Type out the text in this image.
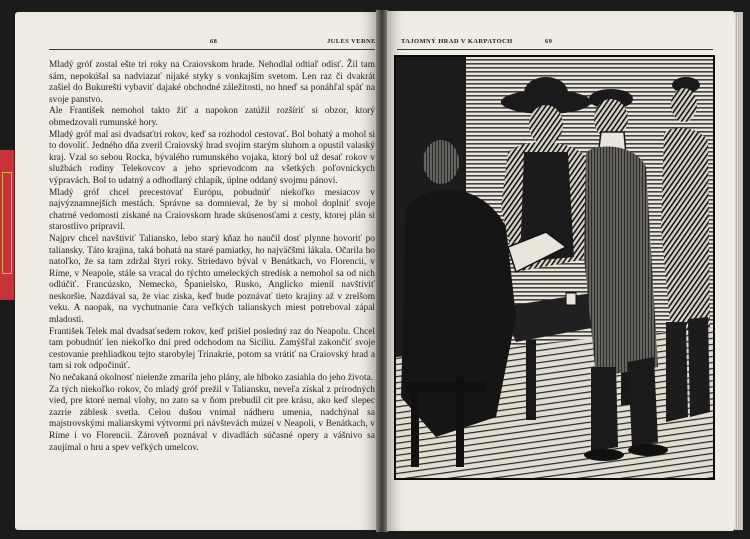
68	JULES VERNE

Mladý gróf zostal ešte tri roky na Craiovskom hrade. Nehodlal odtiaľ odísť. Žil tam sám, nepokúšal sa nadviazať nijaké styky s vonkajším svetom. Len raz či dvakrát zašiel do Bukurešti vybaviť dajaké obchodné záležitosti, no hneď sa ponáhľal späť na svoje panstvo.

Ale František nemohol takto žiť a napokon zatúžil rozšíriť si obzor, ktorý obmedzovali rumunské hory.

Mladý gróf mal asi dvadsaťtri rokov, keď sa rozhodol cestovať. Bol bohatý a mohol si to dovoliť. Jedného dňa zveril Craiovský hrad svojim starým sluhom a opustil valaský kraj. Vzal so sebou Rocka, bývalého rumunského vojaka, ktorý bol už desať rokov v službách rodiny Telekovcov a jeho sprievodcom na všetkých poľovníckych výpravách. Bol to udatný a odhodlaný chlapík, úplne oddaný svojmu pánovi.

Mladý gróf chcel precestovať Európu, pobudnúť niekoľko mesiacov v najvýznamnejších mestách. Správne sa domnieval, že by si mohol doplniť svoje chatrné vedomosti získané na Craiovskom hrade skúsenosťami z cesty, ktorej plán si starostlivo pripravil.

Najprv chcel navštíviť Taliansko, lebo starý kňaz ho naučil dosť plynne hovoriť po taliansky. Táto krajina, taká bohatá na staré pamiatky, ho najväčšmi lákala. Očarila ho natoľko, že sa tam zdržal štyri roky. Striedavo býval v Benátkach, vo Florencii, v Ríme, v Neapole, stále sa vracal do týchto umeleckých stredísk a nemohol sa od nich odlúčiť. Francúzsko, Nemecko, Španielsko, Rusko, Anglicko mienil navštíviť neskoršie. Nazdával sa, že viac získa, keď bude poznávať tieto krajiny až v zrelšom veku. A naopak, na vychutnanie čara veľkých talianskych miest potreboval zápal mladosti.

František Telek mal dvadsaťsedem rokov, keď prišiel posledný raz do Neapolu. Chcel tam pobudnúť len niekoľko dní pred odchodom na Sicíliu. Zamýšľal zakončiť svoje cestovanie prehliadkou tejto starobylej Trinakrie, potom sa vrátiť na Craiovský hrad a tam si rok odpočinúť.

No nečakaná okolnosť nielenže zmarila jeho plány, ale hlboko zasiahla do jeho života.

Za tých niekoľko rokov, čo mladý gróf prežil v Taliansku, neveľa získal z prírodných vied, pre ktoré nemal vlohy, no zato sa v ňom prebudil cit pre krásu, ako keď slepec zazrie záblesk svetla. Celou dušou vnímal nádheru umenia, nadchýnal sa majstrovskými maliarskymi výtvormi pri návštevách múzeí v Neapoli, v Benátkach, v Ríme i vo Florencii. Zároveň poznával v divadlách súčasné opery a vášnivo sa zaujímal o hru a spev veľkých umelcov.

TAJOMNÝ HRAD V KARPATOCH	69
